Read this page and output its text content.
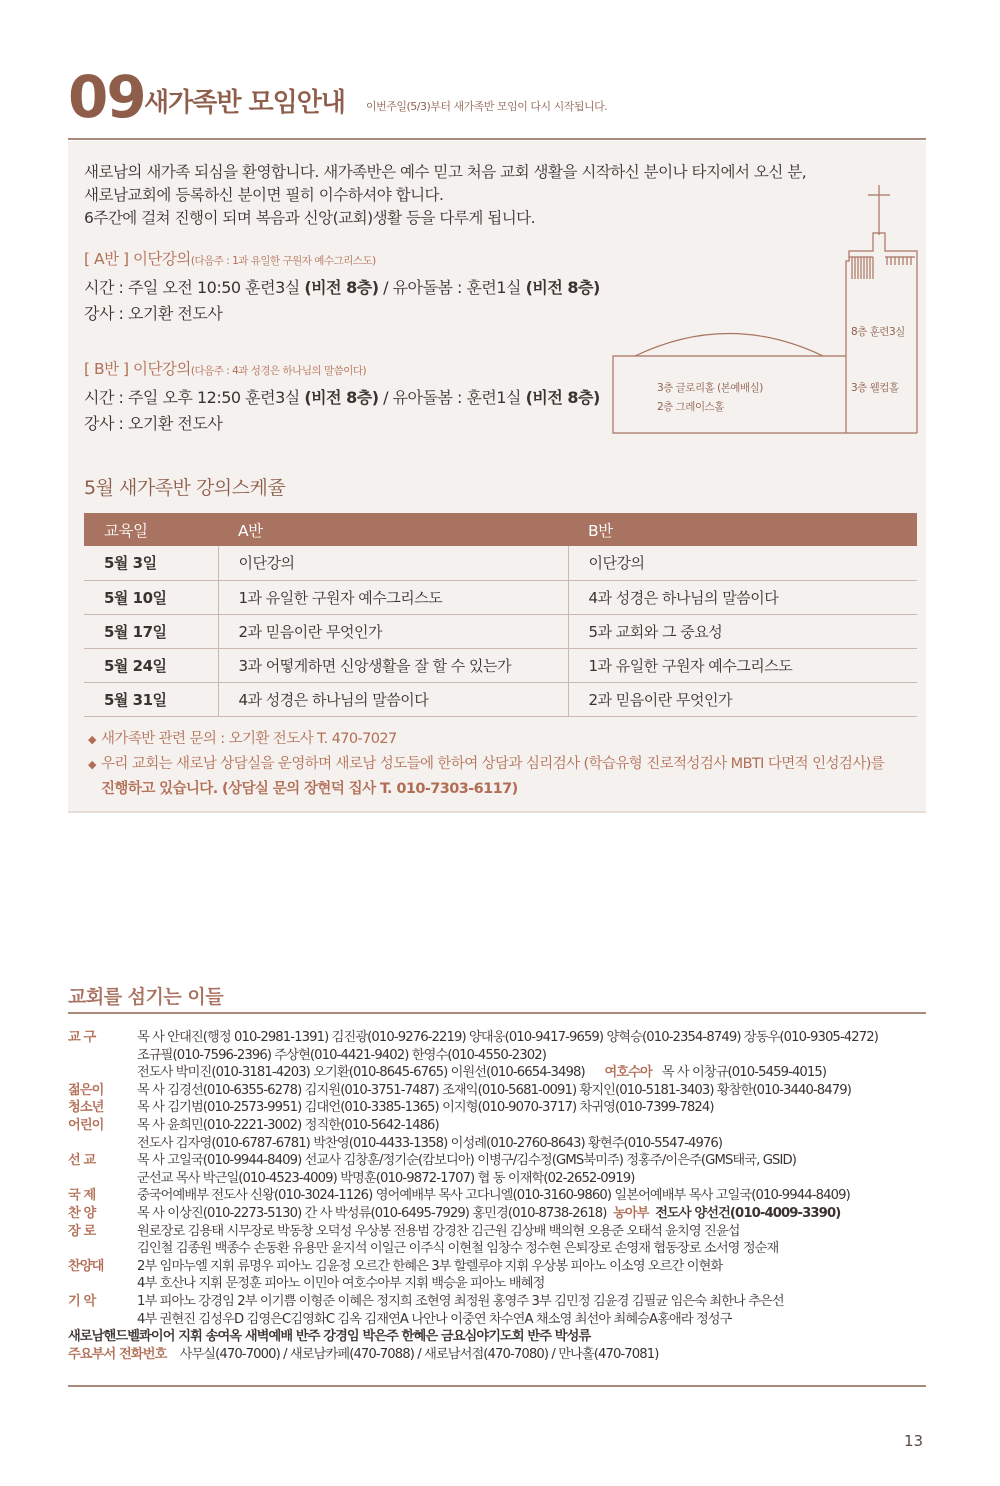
09 새가족반 모임안내 이번주일(5/3)부터 새가족반 모임이 다시 시작됩니다.
새로남의 새가족 되심을 환영합니다. 새가족반은 예수 믿고 처음 교회 생활을 시작하신 분이나 타지에서 오신 분,
새로남교회에 등록하신 분이면 필히 이수하셔야 합니다.
6주간에 걸쳐 진행이 되며 복음과 신앙(교회)생활 등을 다루게 됩니다.
[ A반 ] 이단강의(다음주 : 1과 유일한 구원자 예수그리스도)
시간 : 주일 오전 10:50 훈련3실 (비전 8층) / 유아돌봄 : 훈련1실 (비전 8층)
강사 : 오기환 전도사
[ B반 ] 이단강의(다음주 : 4과 성경은 하나님의 말씀이다)
시간 : 주일 오후 12:50 훈련3실 (비전 8층) / 유아돌봄 : 훈련1실 (비전 8층)
강사 : 오기환 전도사
8층 훈련3실
3층 글로리홀 (본예배실)
2층 그레이스홀
3층 웰컴홀
5월 새가족반 강의스케쥴
교육일	A반	B반
5월 3일	이단강의	이단강의
5월 10일	1과 유일한 구원자 예수그리스도	4과 성경은 하나님의 말씀이다
5월 17일	2과 믿음이란 무엇인가	5과 교회와 그 중요성
5월 24일	3과 어떻게하면 신앙생활을 잘 할 수 있는가	1과 유일한 구원자 예수그리스도
5월 31일	4과 성경은 하나님의 말씀이다	2과 믿음이란 무엇인가
◆ 새가족반 관련 문의 : 오기환 전도사 T. 470-7027
◆ 우리 교회는 새로남 상담실을 운영하며 새로남 성도들에 한하여 상담과 심리검사 (학습유형 진로적성검사 MBTI 다면적 인성검사)를
진행하고 있습니다. (상담실 문의 장현덕 집사 T. 010-7303-6117)
교회를 섬기는 이들
교 구	목 사 안대진(행정 010-2981-1391) 김진광(010-9276-2219) 양대웅(010-9417-9659) 양혁승(010-2354-8749) 장동우(010-9305-4272)
조규필(010-7596-2396) 주상현(010-4421-9402) 한영수(010-4550-2302)
전도사 박미진(010-3181-4203) 오기환(010-8645-6765) 이원선(010-6654-3498) 여호수아 목 사 이창규(010-5459-4015)
젊은이	목 사 김경선(010-6355-6278) 김지원(010-3751-7487) 조재익(010-5681-0091) 황지인(010-5181-3403) 황참한(010-3440-8479)
청소년	목 사 김기범(010-2573-9951) 김대언(010-3385-1365) 이지형(010-9070-3717) 차귀영(010-7399-7824)
어린이	목 사 윤희민(010-2221-3002) 정직한(010-5642-1486)
전도사 김자영(010-6787-6781) 박찬영(010-4433-1358) 이성례(010-2760-8643) 황현주(010-5547-4976)
선 교	목 사 고일국(010-9944-8409) 선교사 김창훈/정기순(캄보디아) 이병구/김수정(GMS북미주) 정홍주/이은주(GMS태국, GSID)
군선교 목사 박근일(010-4523-4009) 박명훈(010-9872-1707) 협 동 이재학(02-2652-0919)
국 제	중국어예배부 전도사 신왕(010-3024-1126) 영어예배부 목사 고다니엘(010-3160-9860) 일본어예배부 목사 고일국(010-9944-8409)
찬 양	목 사 이상진(010-2273-5130) 간 사 박성류(010-6495-7929) 홍민경(010-8738-2618) 농아부 전도사 양선건(010-4009-3390)
장 로	원로장로 김용태 시무장로 박동창 오덕성 우상봉 전용범 강경찬 김근원 김상배 백의현 오용준 오태석 윤치영 진윤섭
김인철 김종원 백종수 손동환 유용만 윤지석 이일근 이주식 이현철 임창수 정수현 은퇴장로 손영재 협동장로 소서영 정순재
찬양대	2부 임마누엘 지휘 류명우 피아노 김윤정 오르간 한혜은 3부 할렐루야 지휘 우상봉 피아노 이소영 오르간 이현화
4부 호산나 지휘 문정훈 피아노 이민아 여호수아부 지휘 백승윤 피아노 배혜정
기 악	1부 피아노 강경임 2부 이기쁨 이형준 이혜은 정지희 조현영 최정원 홍영주 3부 김민정 김윤경 김필균 임은숙 최한나 추은선
4부 권현진 김성우D 김영은C김영화C 김옥 김재연A 나안나 이중연 차수연A 채소영 최선아 최혜승A홍애라 정성구
새로남핸드벨콰이어 지휘 송여옥 새벽예배 반주 강경임 박은주 한혜은 금요심야기도회 반주 박성류
주요부서 전화번호 사무실(470-7000) / 새로남카페(470-7088) / 새로남서점(470-7080) / 만나홀(470-7081)
13
